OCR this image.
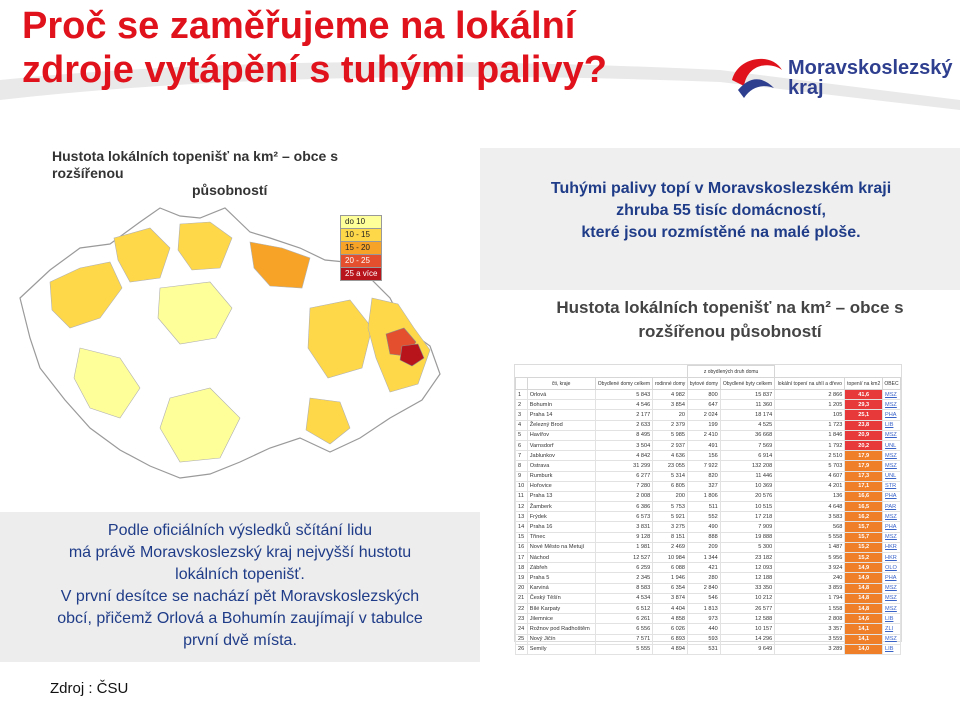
Proč se zaměřujeme na lokální
zdroje vytápění s tuhými palivy?	Moravskoslezský
kraj
Hustota lokálních topenišť na km² – obce s rozšířenou
působností
do 10
10 - 15
15 - 20
20 - 25
25 a více
Tuhými palivy topí v Moravskoslezském kraji
zhruba 55 tisíc domácností,
které jsou rozmístěné na malé ploše.
Hustota lokálních topenišť na km² – obce s
rozšířenou působností
				z obydlených druh domu				
	čti, kraje	Obydlené domy celkem	rodinné domy	bytové domy	Obydlené byty celkem	lokální topení na uhlí a dřevo	topení/ na km2	OBEC
1	Orlová	5 843	4 982	800	15 837	2 866	41,6	MSZ
2	Bohumín	4 546	3 854	647	11 360	1 205	29,3	MSZ
3	Praha 14	2 177	20	2 024	18 174	105	25,1	PHA
4	Železný Brod	2 633	2 379	199	4 525	1 723	23,8	LIB
5	Havířov	8 495	5 985	2 410	36 668	1 846	20,9	MSZ
6	Varnsdorf	3 504	2 937	491	7 569	1 792	20,2	UNL
7	Jablunkov	4 842	4 636	156	6 914	2 510	17,9	MSZ
8	Ostrava	31 299	23 055	7 922	132 208	5 703	17,9	MSZ
9	Rumburk	6 277	5 314	820	11 446	4 607	17,3	UNL
10	Hořovice	7 280	6 805	327	10 369	4 201	17,1	STR
11	Praha 13	2 008	200	1 806	20 576	136	16,6	PHA
12	Žamberk	6 386	5 753	511	10 515	4 648	16,5	PAR
13	Frýdek	6 573	5 921	552	17 218	3 583	16,2	MSZ
14	Praha 16	3 831	3 275	490	7 909	568	15,7	PHA
15	Třinec	9 128	8 151	888	19 888	5 558	15,7	MSZ
16	Nové Město na Metují	1 981	2 469	209	5 300	1 487	15,2	HKR
17	Náchod	12 527	10 984	1 344	23 182	5 956	15,2	HKR
18	Zábřeh	6 259	6 088	421	12 093	3 924	14,9	OLO
19	Praha 5	2 345	1 946	280	12 188	240	14,9	PHA
20	Karviná	8 583	6 354	2 840	33 350	3 859	14,8	MSZ
21	Český Těšín	4 534	3 874	546	10 212	1 794	14,8	MSZ
22	Bílé Karpaty	6 512	4 404	1 813	26 577	1 558	14,8	MSZ
23	Jilemnice	6 261	4 858	973	12 588	2 808	14,6	LIB
24	Rožnov pod Radhoštěm	6 556	6 026	440	10 157	3 357	14,1	ZLI
25	Nový Jičín	7 571	6 893	593	14 296	3 559	14,1	MSZ
26	Semily	5 555	4 894	531	9 649	3 289	14,0	LIB
Podle oficiálních výsledků sčítání lidu
má právě Moravskoslezský kraj nejvyšší hustotu
lokálních topenišť.
V první desítce se nachází pět Moravskoslezských
obcí, přičemž Orlová a Bohumín zaujímají v tabulce
první dvě místa.
Zdroj : ČSU
